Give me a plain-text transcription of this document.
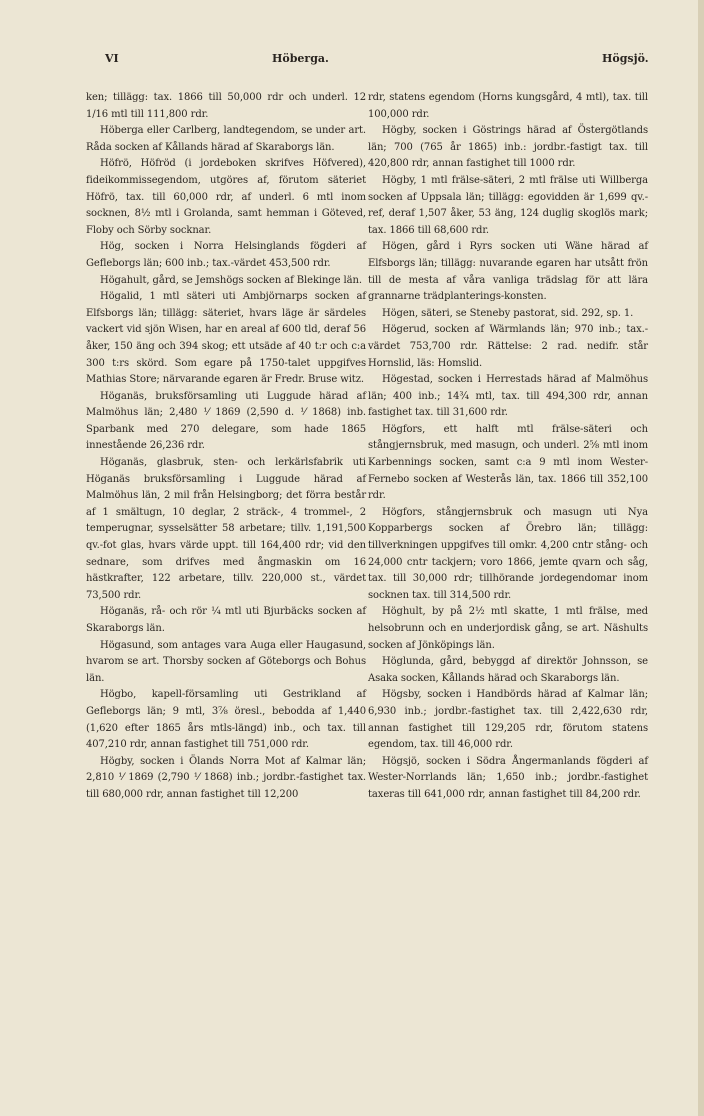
VI	Höberga.	Högsjö.

ken; tillägg: tax. 1866 till 50,000 rdr och underl. 12 1/16 mtl till 111,800 rdr.

Höberga eller Carlberg, landtegendom, se under art. Råda socken af Kållands härad af Skaraborgs län.

Höfrö, Höfröd (i jordeboken skrifves Höfvered), fideikommissegendom, utgöres af, förutom säteriet Höfrö, tax. till 60,000 rdr, af underl. 6 mtl inom socknen, 8½ mtl i Grolanda, samt hemman i Göteved, Floby och Sörby socknar.

Hög, socken i Norra Helsinglands fögderi af Gefleborgs län; 600 inb.; tax.-värdet 453,500 rdr.

Högahult, gård, se Jemshögs socken af Blekinge län.

Högalid, 1 mtl säteri uti Ambjörnarps socken af Elfsborgs län; tillägg: säteriet, hvars läge är särdeles vackert vid sjön Wisen, har en areal af 600 tld, deraf 56 åker, 150 äng och 394 skog; ett utsäde af 40 t:r och c:a 300 t:rs skörd. Som egare på 1750-talet uppgifves Mathias Store; närvarande egaren är Fredr. Bruse witz.

Höganäs, bruksförsamling uti Luggude härad af Malmöhus län; 2,480 ⅟ 1869 (2,590 d. ⅟ 1868) inb. Sparbank med 270 delegare, som hade 1865 innestående 26,236 rdr.

Höganäs, glasbruk, sten- och lerkärlsfabrik uti Höganäs bruksförsamling i Luggude härad af Malmöhus län, 2 mil från Helsingborg; det förra består af 1 smältugn, 10 deglar, 2 sträck-, 4 trommel-, 2 temperugnar, sysselsätter 58 arbetare; tillv. 1,191,500 qv.-fot glas, hvars värde uppt. till 164,400 rdr; vid den sednare, som drifves med ångmaskin om 16 hästkrafter, 122 arbetare, tillv. 220,000 st., värdet 73,500 rdr.

Höganäs, rå- och rör ¼ mtl uti Bjurbäcks socken af Skaraborgs län.

Högasund, som antages vara Auga eller Haugasund, hvarom se art. Thorsby socken af Göteborgs och Bohus län.

Högbo, kapell-församling uti Gestrikland af Gefleborgs län; 9 mtl, 3⅞ öresl., bebodda af 1,440 (1,620 efter 1865 års mtls-längd) inb., och tax. till 407,210 rdr, annan fastighet till 751,000 rdr.

Högby, socken i Ölands Norra Mot af Kalmar län; 2,810 ⅟ 1869 (2,790 ⅟ 1868) inb.; jordbr.-fastighet tax. till 680,000 rdr, annan fastighet till 12,200

rdr, statens egendom (Horns kungsgård, 4 mtl), tax. till 100,000 rdr.

Högby, socken i Göstrings härad af Östergötlands län; 700 (765 år 1865) inb.: jordbr.-fastigt tax. till 420,800 rdr, annan fastighet till 1000 rdr.

Högby, 1 mtl frälse-säteri, 2 mtl frälse uti Willberga socken af Uppsala län; tillägg: egovidden är 1,699 qv.-ref, deraf 1,507 åker, 53 äng, 124 duglig skoglös mark; tax. 1866 till 68,600 rdr.

Högen, gård i Ryrs socken uti Wäne härad af Elfsborgs län; tillägg: nuvarande egaren har utsått frön till de mesta af våra vanliga trädslag för att lära grannarne trädplanterings-konsten.

Högen, säteri, se Steneby pastorat, sid. 292, sp. 1.

Högerud, socken af Wärmlands län; 970 inb.; tax.-värdet 753,700 rdr. Rättelse: 2 rad. nedifr. står Hornslid, läs: Homslid.

Högestad, socken i Herrestads härad af Malmöhus län; 400 inb.; 14¾ mtl, tax. till 494,300 rdr, annan fastighet tax. till 31,600 rdr.

Högfors, ett halft mtl frälse-säteri och stångjernsbruk, med masugn, och underl. 2⅝ mtl inom Karbennings socken, samt c:a 9 mtl inom Wester-Fernebo socken af Westerås län, tax. 1866 till 352,100 rdr.

Högfors, stångjernsbruk och masugn uti Nya Kopparbergs socken af Örebro län; tillägg: tillverkningen uppgifves till omkr. 4,200 cntr stång- och 24,000 cntr tackjern; voro 1866, jemte qvarn och såg, tax. till 30,000 rdr; tillhörande jordegendomar inom socknen tax. till 314,500 rdr.

Höghult, by på 2½ mtl skatte, 1 mtl frälse, med helsobrunn och en underjordisk gång, se art. Näshults socken af Jönköpings län.

Höglunda, gård, bebyggd af direktör Johnsson, se Asaka socken, Kållands härad och Skaraborgs län.

Högsby, socken i Handbörds härad af Kalmar län; 6,930 inb.; jordbr.-fastighet tax. till 2,422,630 rdr, annan fastighet till 129,205 rdr, förutom statens egendom, tax. till 46,000 rdr.

Högsjö, socken i Södra Ångermanlands fögderi af Wester-Norrlands län; 1,650 inb.; jordbr.-fastighet taxeras till 641,000 rdr, annan fastighet till 84,200 rdr.
